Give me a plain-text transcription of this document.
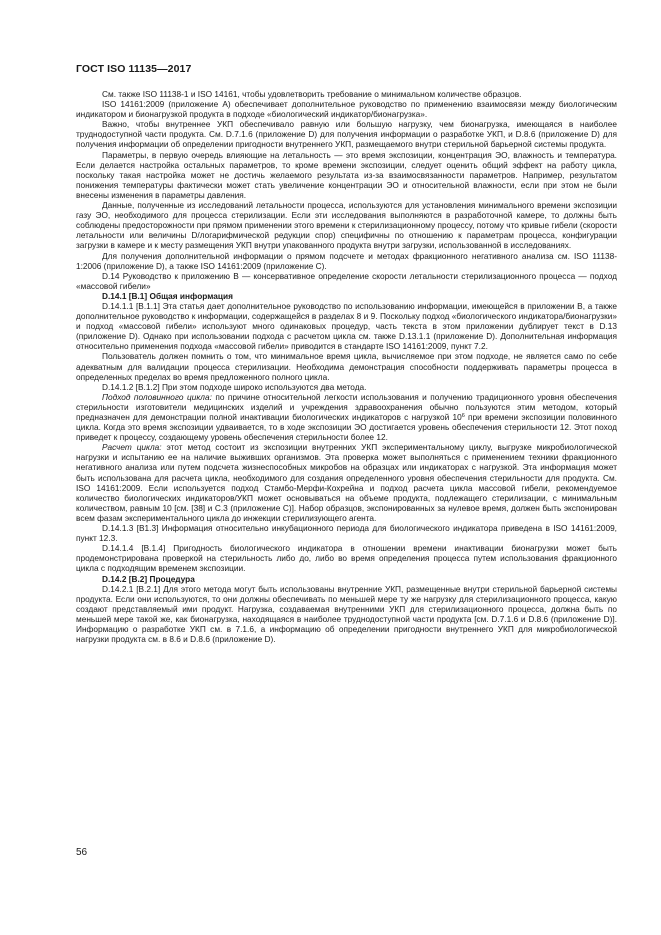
ГОСТ ISO 11135—2017

См. также ISO 11138-1 и ISO 14161, чтобы удовлетворить требование о минимальном количестве образцов.

ISO 14161:2009 (приложение А) обеспечивает дополнительное руководство по применению взаимосвязи между биологическим индикатором и бионагрузкой продукта в подходе «биологический индикатор/бионагрузка».

Важно, чтобы внутреннее УКП обеспечивало равную или большую нагрузку, чем бионагрузка, имеющаяся в наиболее труднодоступной части продукта. См. D.7.1.6 (приложение D) для получения информации о разработке УКП, и D.8.6 (приложение D) для получения информации об определении пригодности внутреннего УКП, размещаемого внутри стерильной барьерной системы продукта.

Параметры, в первую очередь влияющие на летальность — это время экспозиции, концентрация ЭО, влажность и температура. Если делается настройка остальных параметров, то кроме времени экспозиции, следует оценить общий эффект на работу цикла, поскольку такая настройка может не достичь желаемого результата из-за взаимосвязанности параметров. Например, результатом понижения температуры фактически может стать увеличение концентрации ЭО и относительной влажности, если при этом не были внесены изменения в параметры давления.

Данные, полученные из исследований летальности процесса, используются для установления минимального времени экспозиции газу ЭО, необходимого для процесса стерилизации. Если эти исследования выполняются в разработочной камере, то должны быть соблюдены предосторожности при прямом применении этого времени к стерилизационному процессу, потому что кривые гибели (скорости летальности или величины D/логарифмической редукции спор) специфичны по отношению к параметрам процесса, конфигурации загрузки в камере и к месту размещения УКП внутри упакованного продукта внутри загрузки, использованной в исследованиях.

Для получения дополнительной информации о прямом подсчете и методах фракционного негативного анализа см. ISO 11138-1:2006 (приложение D), а также ISO 14161:2009 (приложение С).

D.14 Руководство к приложению В — консервативное определение скорости летальности стерилизационного процесса — подход «массовой гибели»

D.14.1 [B.1] Общая информация

D.14.1.1 [B.1.1] Эта статья дает дополнительное руководство по использованию информации, имеющейся в приложении В, а также дополнительное руководство к информации, содержащейся в разделах 8 и 9. Поскольку подход «биологического индикатора/бионагрузки» и подход «массовой гибели» используют много одинаковых процедур, часть текста в этом приложении дублирует текст в D.13 (приложение D). Однако при использовании подхода с расчетом цикла см. также D.13.1.1 (приложение D). Дополнительная информация относительно применения подхода «массовой гибели» приводится в стандарте ISO 14161:2009, пункт 7.2.

Пользователь должен помнить о том, что минимальное время цикла, вычисляемое при этом подходе, не является само по себе адекватным для валидации процесса стерилизации. Необходима демонстрация способности поддерживать параметры процесса в определенных пределах во время предложенного полного цикла.

D.14.1.2 [B.1.2] При этом подходе широко используются два метода.

Подход половинного цикла: по причине относительной легкости использования и получению традиционного уровня обеспечения стерильности изготовители медицинских изделий и учреждения здравоохранения обычно пользуются этим методом, который предназначен для демонстрации полной инактивации биологических индикаторов с нагрузкой $10^6$ при времени экспозиции половинного цикла. Когда это время экспозиции удваивается, то в ходе экспозиции ЭО достигается уровень обеспечения стерильности 12. Этот поход приведет к процессу, создающему уровень обеспечения стерильности более 12.

Расчет цикла: этот метод состоит из экспозиции внутренних УКП экспериментальному циклу, выгрузке микробиологической нагрузки и испытанию ее на наличие выживших организмов. Эта проверка может выполняться с применением техники фракционного негативного анализа или путем подсчета жизнеспособных микробов на образцах или индикаторах с нагрузкой. Эта информация может быть использована для расчета цикла, необходимого для создания определенного уровня обеспечения стерильности для продукта. См. ISO 14161:2009. Если используется подход Стамбо-Мерфи-Кохрейна и подход расчета цикла массовой гибели, рекомендуемое количество биологических индикаторов/УКП может основываться на объеме продукта, подлежащего стерилизации, с минимальным количеством, равным 10 [см. [38] и С.3 (приложение С)]. Набор образцов, экспонированных за нулевое время, должен быть экспонирован всем фазам экспериментального цикла до инжекции стерилизующего агента.

D.14.1.3 [B1.3] Информация относительно инкубационного периода для биологического индикатора приведена в ISO 14161:2009, пункт 12.3.

D.14.1.4 [B.1.4] Пригодность биологического индикатора в отношении времени инактивации бионагрузки может быть продемонстрирована проверкой на стерильность либо до, либо во время определения процесса путем использования фракционного цикла с подходящим временем экспозиции.

D.14.2 [B.2] Процедура

D.14.2.1 [B.2.1] Для этого метода могут быть использованы внутренние УКП, размещенные внутри стерильной барьерной системы продукта. Если они используются, то они должны обеспечивать по меньшей мере ту же нагрузку для стерилизационного процесса, какую создают представляемый ими продукт. Нагрузка, создаваемая внутренними УКП для стерилизационного процесса, должна быть по меньшей мере такой же, как бионагрузка, находящаяся в наиболее труднодоступной части продукта [см. D.7.1.6 и D.8.6 (приложение D)]. Информацию о разработке УКП см. в 7.1.6, а информацию об определении пригодности внутреннего УКП для микробиологической нагрузки продукта см. в 8.6 и D.8.6 (приложение D).

56
